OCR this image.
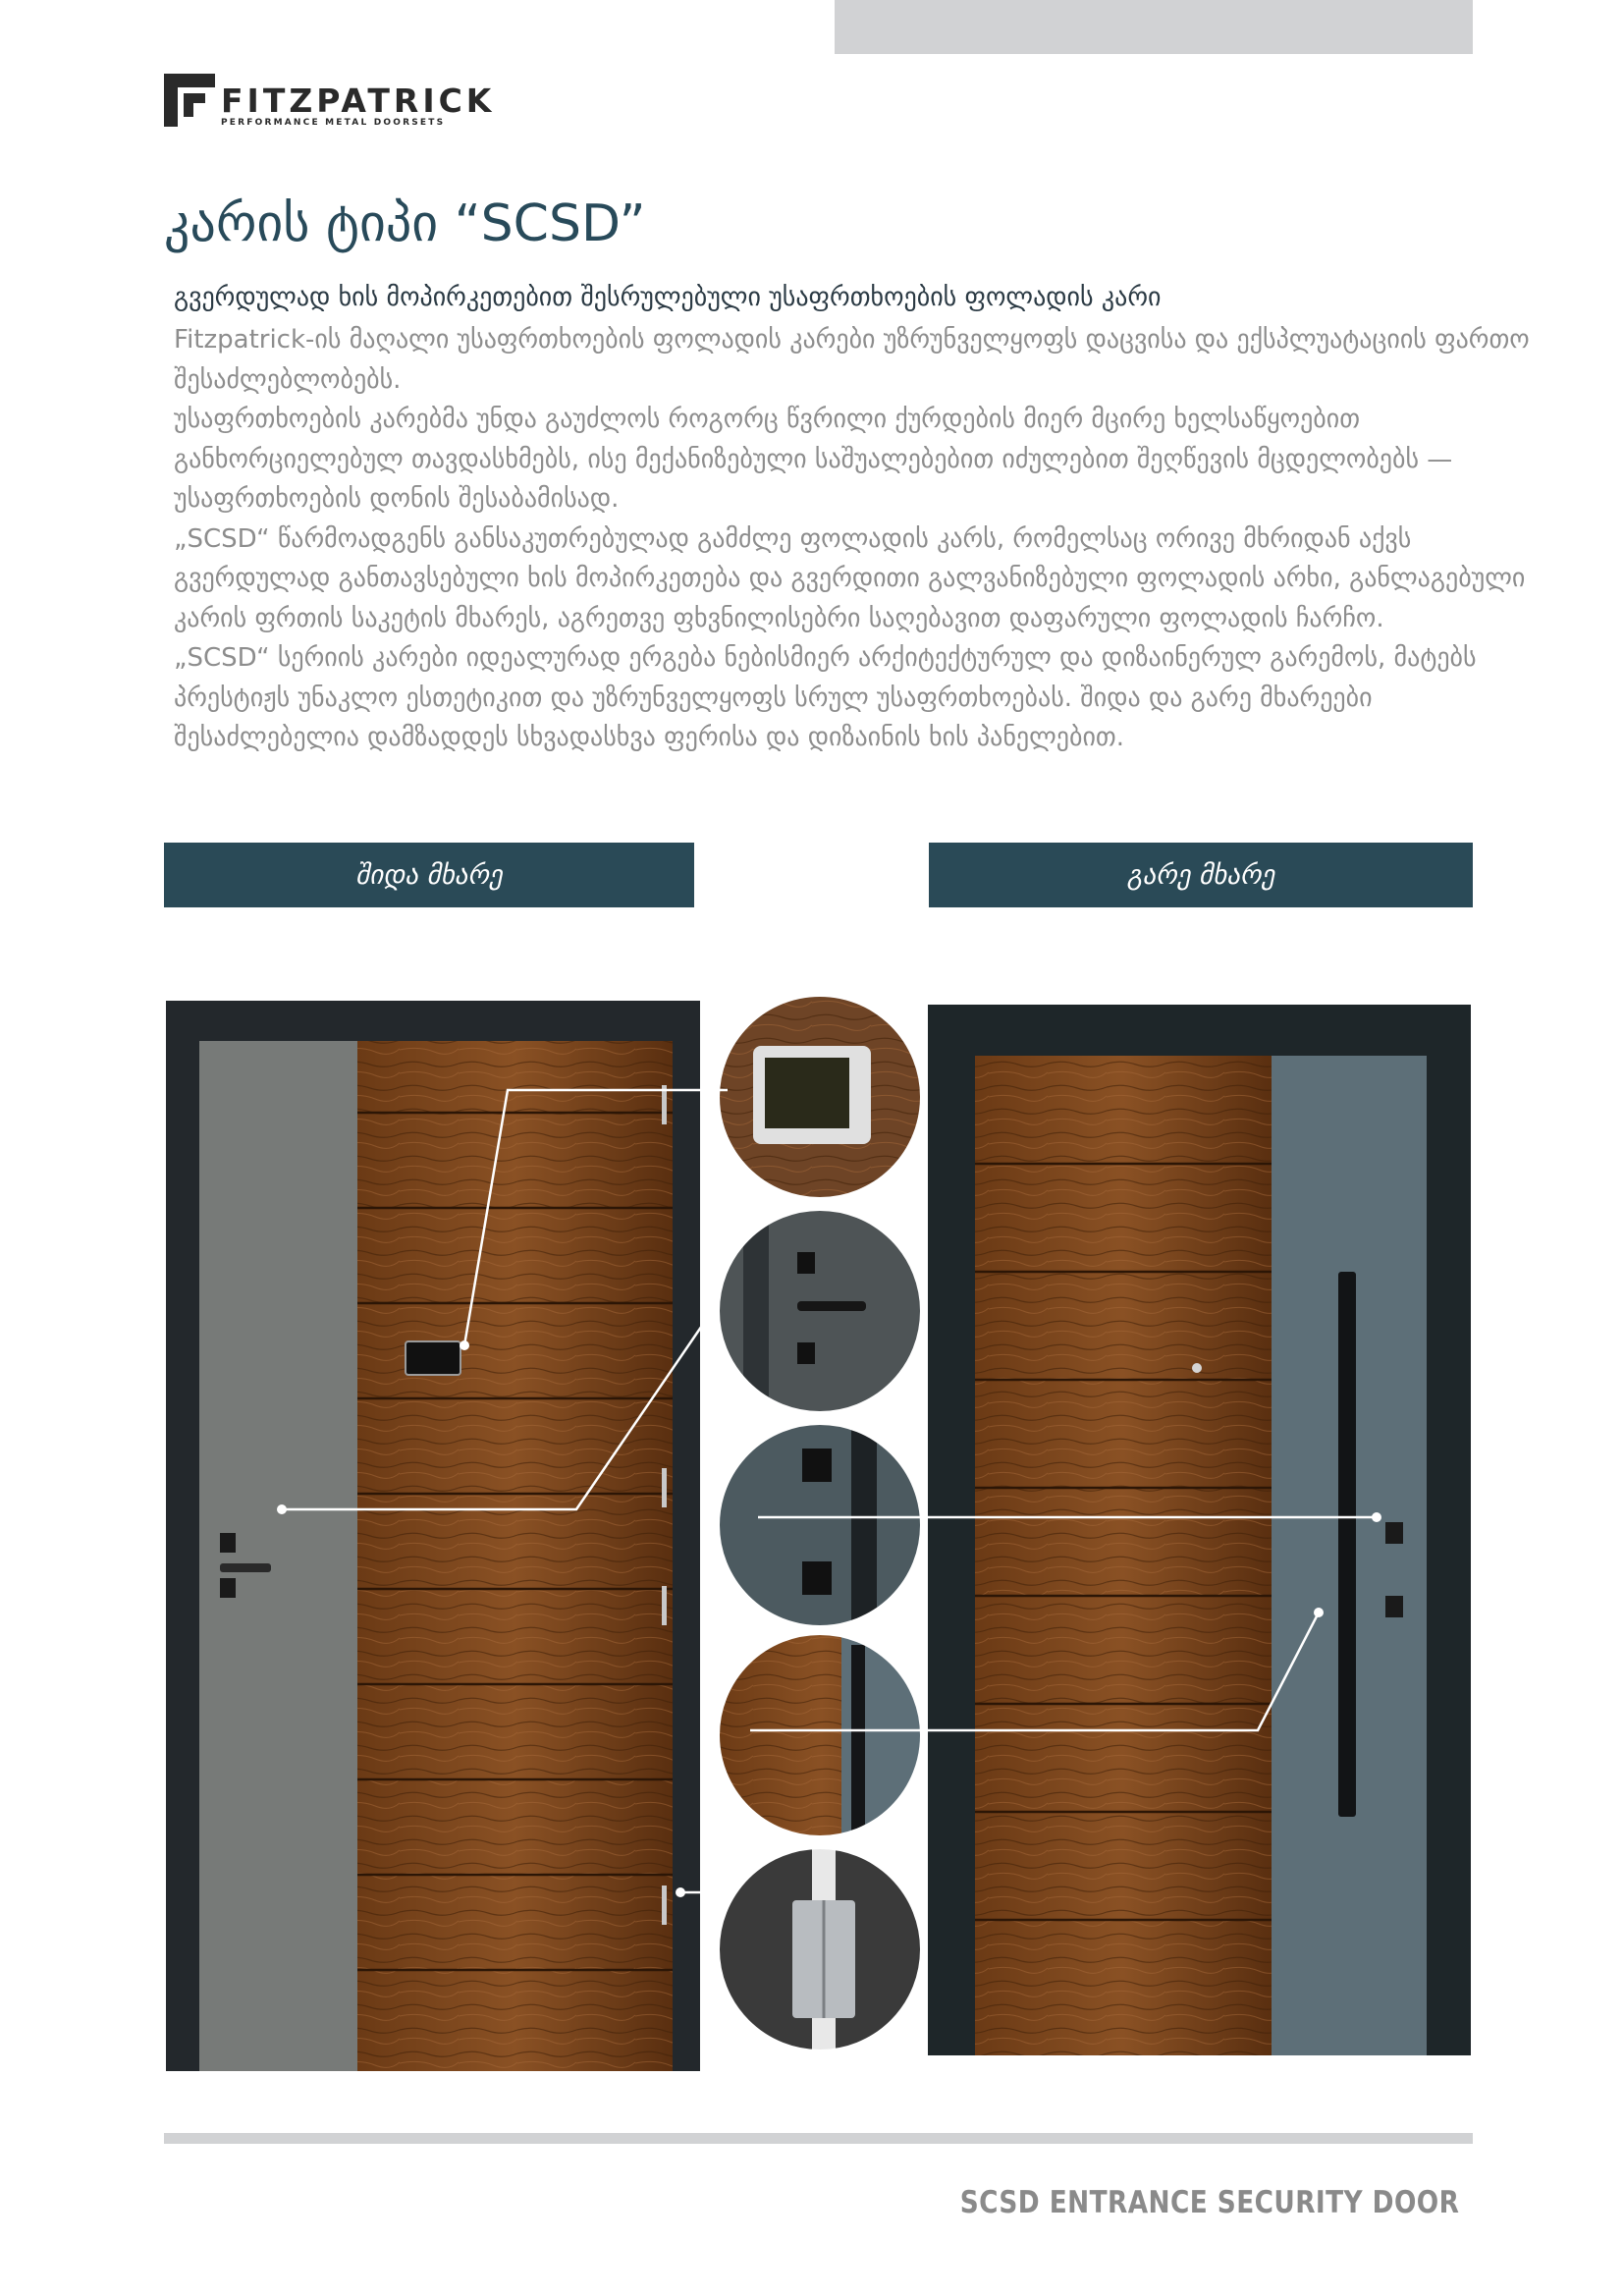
FITZPATRICK
PERFORMANCE METAL DOORSETS
კარის ტიპი “SCSD”
გვერდულად ხის მოპირკეთებით შესრულებული უსაფრთხოების ფოლადის კარი

Fitzpatrick-ის მაღალი უსაფრთხოების ფოლადის კარები უზრუნველყოფს დაცვისა და ექსპლუატაციის ფართო შესაძლებლობებს.

უსაფრთხოების კარებმა უნდა გაუძლოს როგორც წვრილი ქურდების მიერ მცირე ხელსაწყოებით განხორციელებულ თავდასხმებს, ისე მექანიზებული საშუალებებით იძულებით შეღწევის მცდელობებს — უსაფრთხოების დონის შესაბამისად.

„SCSD“ წარმოადგენს განსაკუთრებულად გამძლე ფოლადის კარს, რომელსაც ორივე მხრიდან აქვს გვერდულად განთავსებული ხის მოპირკეთება და გვერდითი გალვანიზებული ფოლადის არხი, განლაგებული კარის ფრთის საკეტის მხარეს, აგრეთვე ფხვნილისებრი საღებავით დაფარული ფოლადის ჩარჩო.

„SCSD“ სერიის კარები იდეალურად ერგება ნებისმიერ არქიტექტურულ და დიზაინერულ გარემოს, მატებს პრესტიჟს უნაკლო ესთეტიკით და უზრუნველყოფს სრულ უსაფრთხოებას. შიდა და გარე მხარეები შესაძლებელია დამზადდეს სხვადასხვა ფერისა და დიზაინის ხის პანელებით.

შიდა მხარე	გარე მხარე
SCSD ENTRANCE SECURITY DOOR
